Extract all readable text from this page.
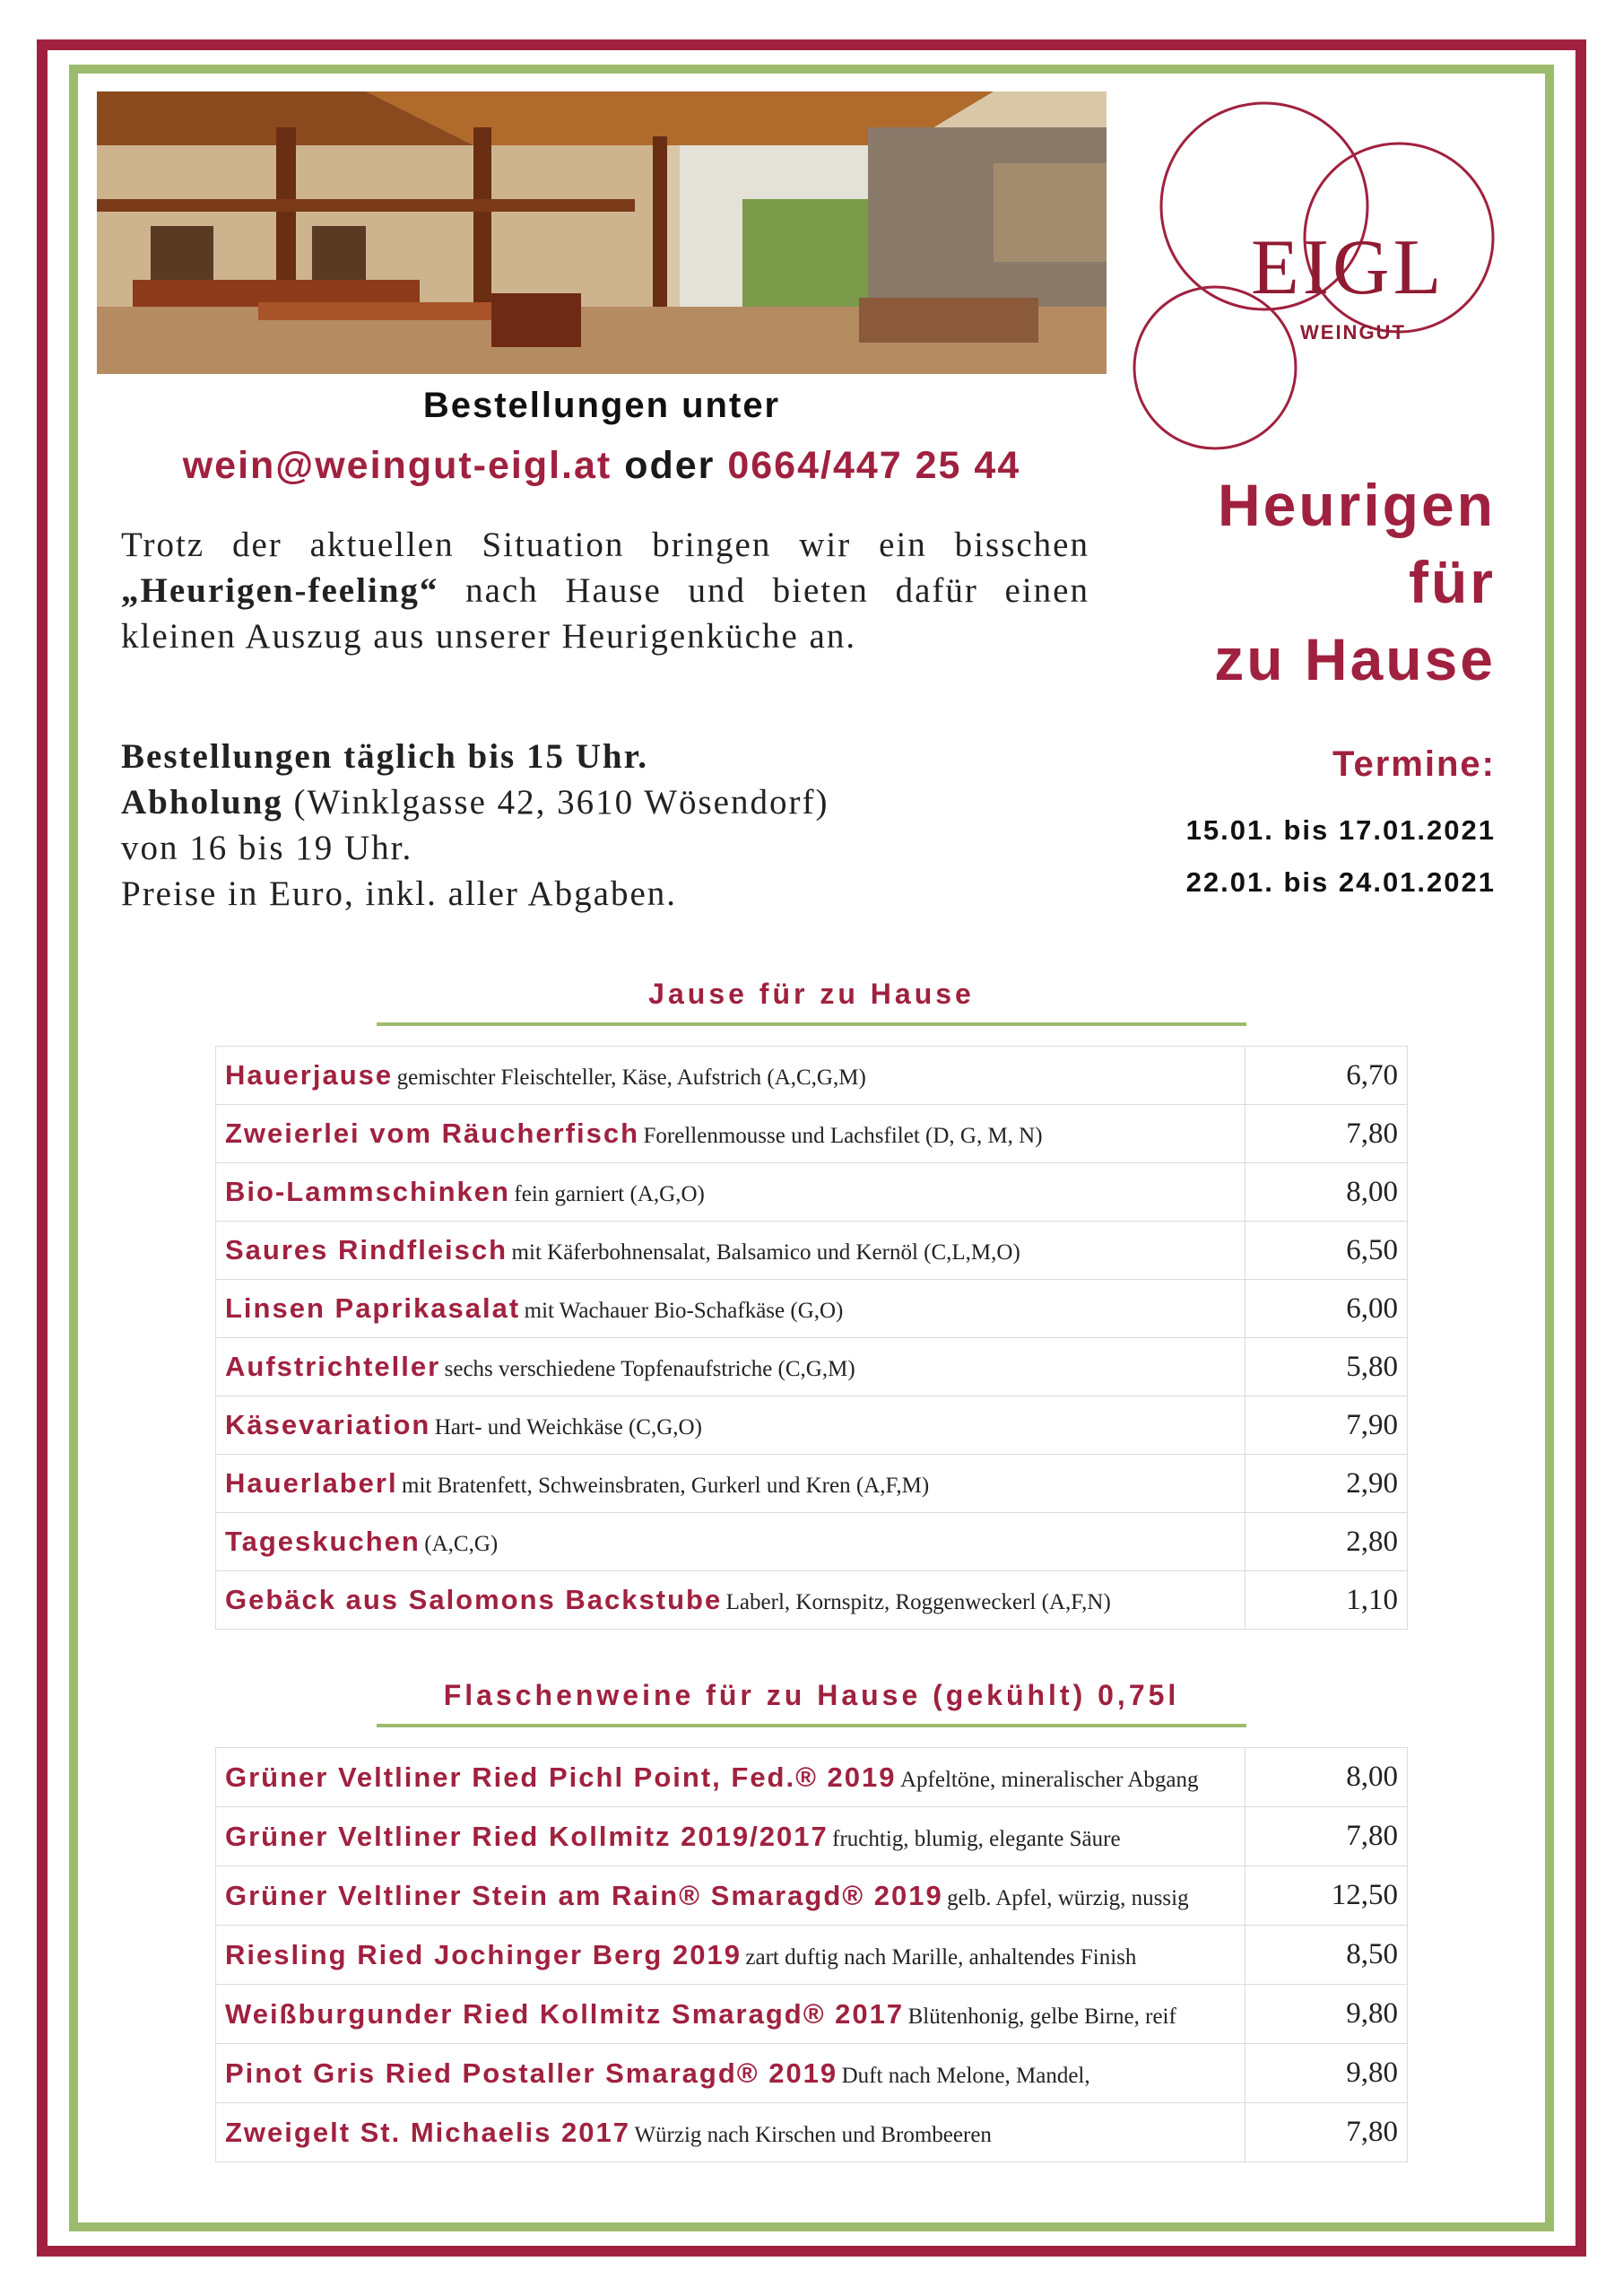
EIGL
WEINGUT
Bestellungen unter
wein@weingut-eigl.at oder 0664/447 25 44
Trotz der aktuellen Situation bringen wir ein bisschen „Heurigen-feeling“ nach Hause und bieten dafür einen kleinen Auszug aus unserer Heurigenküche an.
Bestellungen täglich bis 15 Uhr.
Abholung (Winklgasse 42, 3610 Wösendorf)
von 16 bis 19 Uhr.
Preise in Euro, inkl. aller Abgaben.
Heurigen
für
zu Hause
Termine:
15.01. bis 17.01.2021
22.01. bis 24.01.2021
Jause für zu Hause
Hauerjause gemischter Fleischteller, Käse, Aufstrich (A,C,G,M)	6,70
Zweierlei vom Räucherfisch Forellenmousse und Lachsfilet (D, G, M, N)	7,80
Bio-Lammschinken fein garniert (A,G,O)	8,00
Saures Rindfleisch mit Käferbohnensalat, Balsamico und Kernöl (C,L,M,O)	6,50
Linsen Paprikasalat mit Wachauer Bio-Schafkäse (G,O)	6,00
Aufstrichteller sechs verschiedene Topfenaufstriche (C,G,M)	5,80
Käsevariation Hart- und Weichkäse (C,G,O)	7,90
Hauerlaberl mit Bratenfett, Schweinsbraten, Gurkerl und Kren (A,F,M)	2,90
Tageskuchen (A,C,G)	2,80
Gebäck aus Salomons Backstube Laberl, Kornspitz, Roggenweckerl (A,F,N)	1,10
Flaschenweine für zu Hause (gekühlt) 0,75l
Grüner Veltliner Ried Pichl Point, Fed.® 2019 Apfeltöne, mineralischer Abgang	8,00
Grüner Veltliner Ried Kollmitz 2019/2017 fruchtig, blumig, elegante Säure	7,80
Grüner Veltliner Stein am Rain® Smaragd® 2019 gelb. Apfel, würzig, nussig	12,50
Riesling Ried Jochinger Berg 2019 zart duftig nach Marille, anhaltendes Finish	8,50
Weißburgunder Ried Kollmitz Smaragd® 2017 Blütenhonig, gelbe Birne, reif	9,80
Pinot Gris Ried Postaller Smaragd® 2019 Duft nach Melone, Mandel,	9,80
Zweigelt St. Michaelis 2017 Würzig nach Kirschen und Brombeeren	7,80
